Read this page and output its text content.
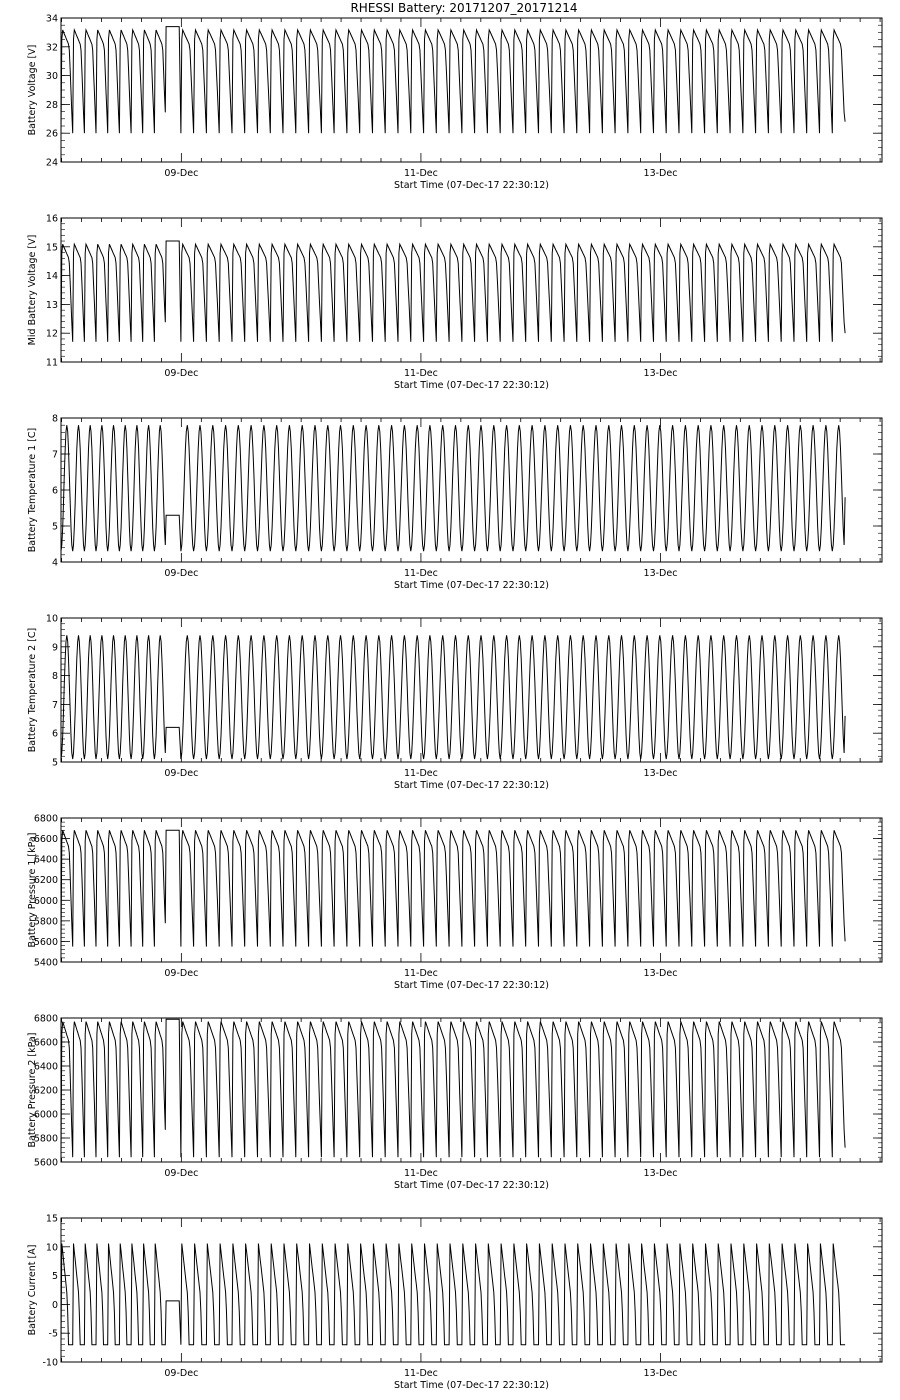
RHESSI Battery: 20171207_20171214
09-Dec	11-Dec	13-Dec
Start Time (07-Dec-17 22:30:12)
24
26
28
30
32
34
Battery Voltage [V]
09-Dec	11-Dec	13-Dec
Start Time (07-Dec-17 22:30:12)
11
12
13
14
15
16
Mid Battery Voltage [V]
09-Dec	11-Dec	13-Dec
Start Time (07-Dec-17 22:30:12)
4
5
6
7
8
Battery Temperature 1 [C]
09-Dec	11-Dec	13-Dec
Start Time (07-Dec-17 22:30:12)
5
6
7
8
9
10
Battery Temperature 2 [C]
09-Dec	11-Dec	13-Dec
Start Time (07-Dec-17 22:30:12)
5400
5600
5800
6000
6200
6400
6600
6800
Battery Pressure 1 [kPa]
09-Dec	11-Dec	13-Dec
Start Time (07-Dec-17 22:30:12)
5600
5800
6000
6200
6400
6600
6800
Battery Pressure 2 [kPa]
09-Dec	11-Dec	13-Dec
Start Time (07-Dec-17 22:30:12)
-10
-5
0
5
10
15
Battery Current [A]
